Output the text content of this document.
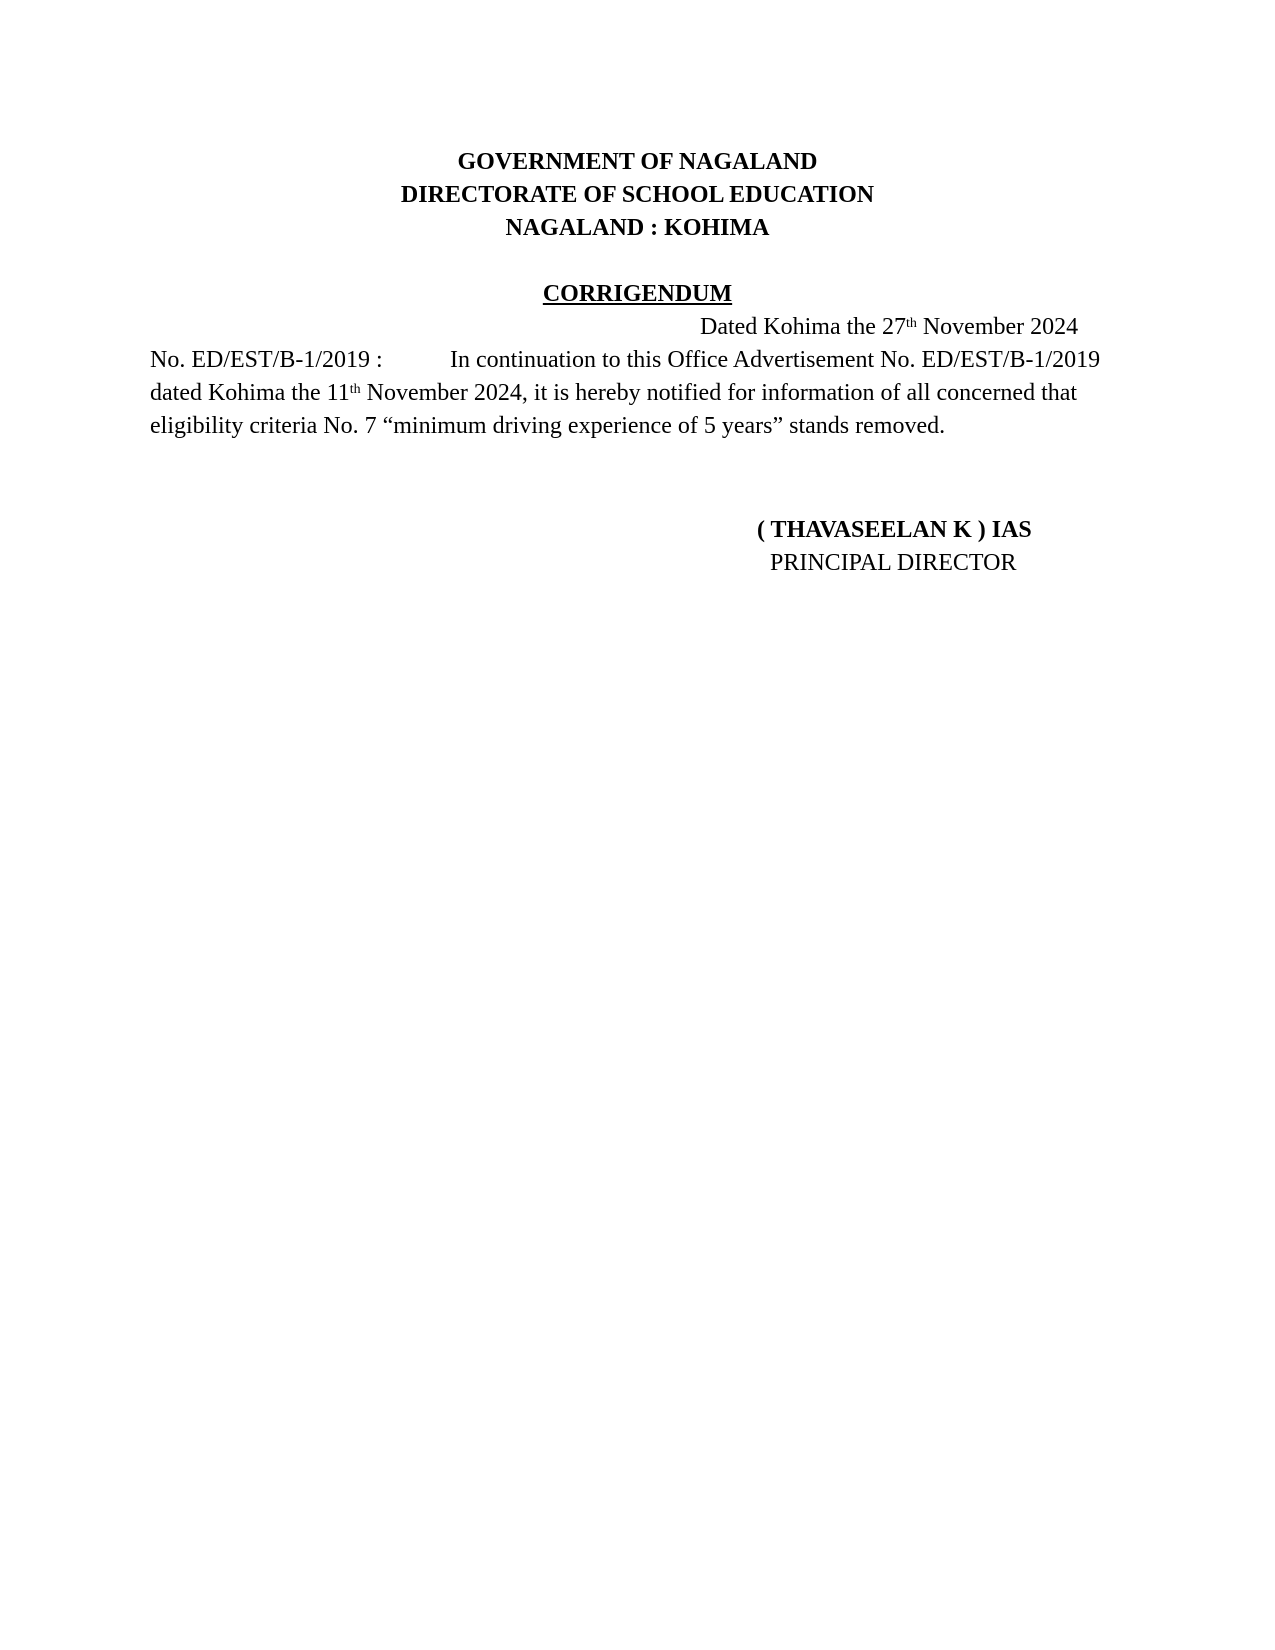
GOVERNMENT OF NAGALAND
DIRECTORATE OF SCHOOL EDUCATION
NAGALAND : KOHIMA
CORRIGENDUM
Dated Kohima the 27th November 2024
No. ED/EST/B-1/2019 :	In continuation to this Office Advertisement No. ED/EST/B-1/2019
dated Kohima the 11th November 2024, it is hereby notified for information of all concerned that
eligibility criteria No. 7 “minimum driving experience of 5 years” stands removed.
( THAVASEELAN K ) IAS
PRINCIPAL DIRECTOR
